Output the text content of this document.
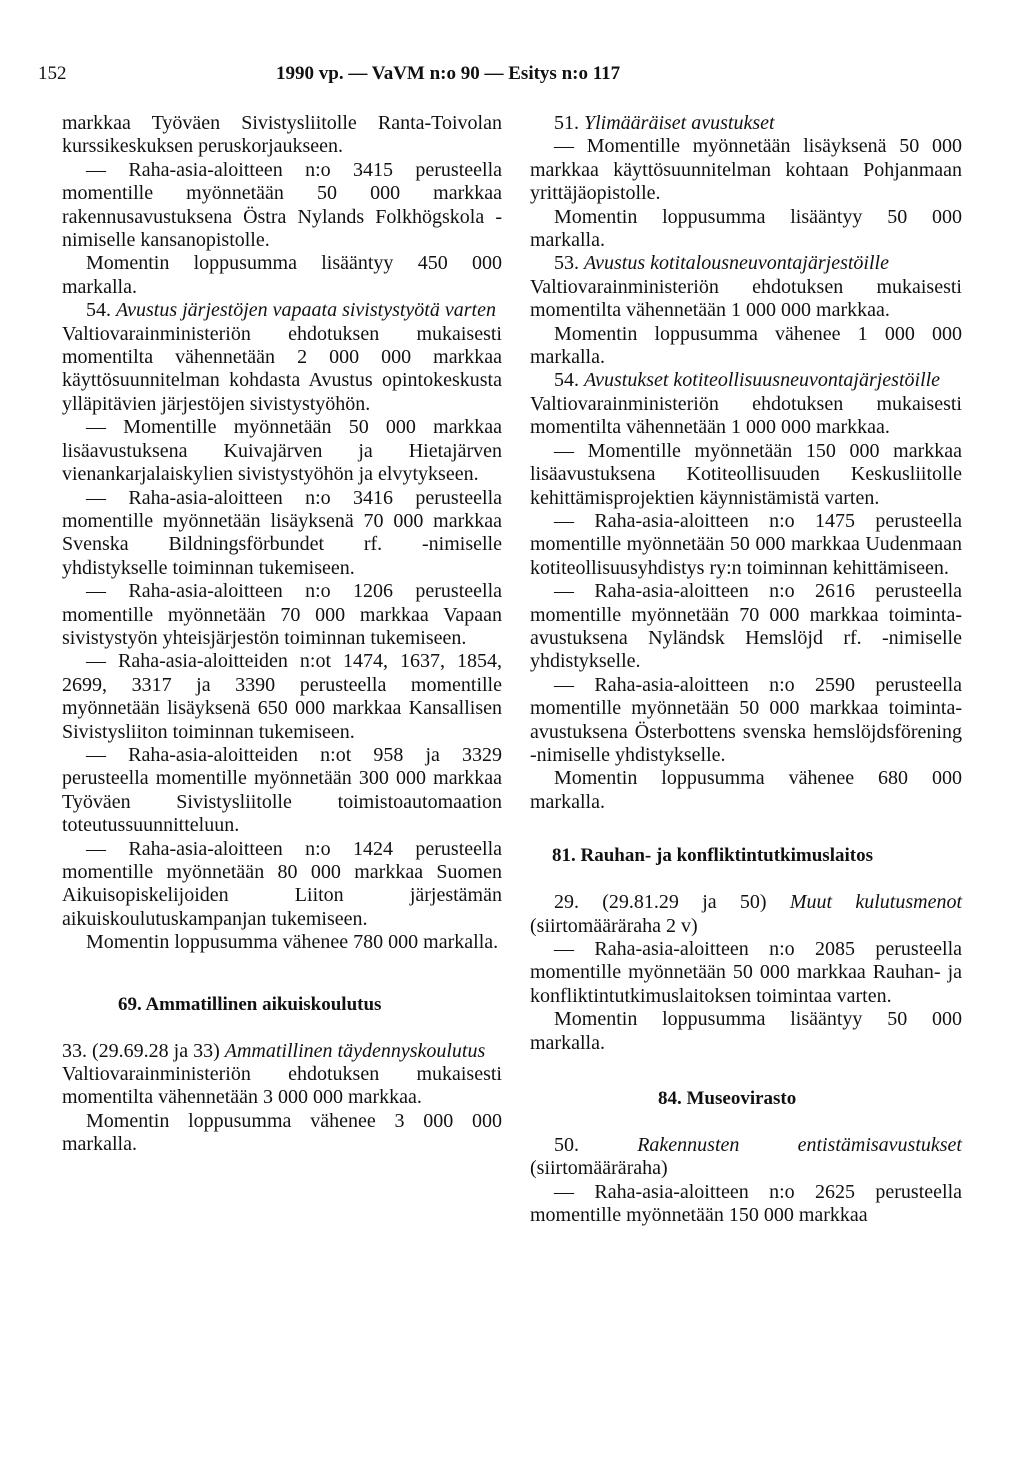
152	1990 vp. — VaVM n:o 90 — Esitys n:o 117

markkaa Työväen Sivistysliitolle Ranta-Toivolan kurssikeskuksen peruskorjaukseen.

— Raha-asia-aloitteen n:o 3415 perusteella momentille myönnetään 50 000 markkaa rakennusavustuksena Östra Nylands Folkhögskola -nimiselle kansanopistolle.

Momentin loppusumma lisääntyy 450 000 markalla.

54. Avustus järjestöjen vapaata sivistystyötä varten

Valtiovarainministeriön ehdotuksen mukaisesti momentilta vähennetään 2 000 000 markkaa käyttösuunnitelman kohdasta Avustus opintokeskusta ylläpitävien järjestöjen sivistystyöhön.

— Momentille myönnetään 50 000 markkaa lisäavustuksena Kuivajärven ja Hietajärven vienankarjalaiskylien sivistystyöhön ja elvytykseen.

— Raha-asia-aloitteen n:o 3416 perusteella momentille myönnetään lisäyksenä 70 000 markkaa Svenska Bildningsförbundet rf. -nimiselle yhdistykselle toiminnan tukemiseen.

— Raha-asia-aloitteen n:o 1206 perusteella momentille myönnetään 70 000 markkaa Vapaan sivistystyön yhteisjärjestön toiminnan tukemiseen.

— Raha-asia-aloitteiden n:ot 1474, 1637, 1854, 2699, 3317 ja 3390 perusteella momentille myönnetään lisäyksenä 650 000 markkaa Kansallisen Sivistysliiton toiminnan tukemiseen.

— Raha-asia-aloitteiden n:ot 958 ja 3329 perusteella momentille myönnetään 300 000 markkaa Työväen Sivistysliitolle toimistoautomaation toteutussuunnitteluun.

— Raha-asia-aloitteen n:o 1424 perusteella momentille myönnetään 80 000 markkaa Suomen Aikuisopiskelijoiden Liiton järjestämän aikuiskoulutuskampanjan tukemiseen.

Momentin loppusumma vähenee 780 000 markalla.

69. Ammatillinen aikuiskoulutus

33. (29.69.28 ja 33) Ammatillinen täydennyskoulutus

Valtiovarainministeriön ehdotuksen mukaisesti momentilta vähennetään 3 000 000 markkaa.

Momentin loppusumma vähenee 3 000 000 markalla.

51. Ylimääräiset avustukset

— Momentille myönnetään lisäyksenä 50 000 markkaa käyttösuunnitelman kohtaan Pohjanmaan yrittäjäopistolle.

Momentin loppusumma lisääntyy 50 000 markalla.

53. Avustus kotitalousneuvontajärjestöille

Valtiovarainministeriön ehdotuksen mukaisesti momentilta vähennetään 1 000 000 markkaa.

Momentin loppusumma vähenee 1 000 000 markalla.

54. Avustukset kotiteollisuusneuvontajärjestöille

Valtiovarainministeriön ehdotuksen mukaisesti momentilta vähennetään 1 000 000 markkaa.

— Momentille myönnetään 150 000 markkaa lisäavustuksena Kotiteollisuuden Keskusliitolle kehittämisprojektien käynnistämistä varten.

— Raha-asia-aloitteen n:o 1475 perusteella momentille myönnetään 50 000 markkaa Uudenmaan kotiteollisuusyhdistys ry:n toiminnan kehittämiseen.

— Raha-asia-aloitteen n:o 2616 perusteella momentille myönnetään 70 000 markkaa toiminta-avustuksena Nyländsk Hemslöjd rf. -nimiselle yhdistykselle.

— Raha-asia-aloitteen n:o 2590 perusteella momentille myönnetään 50 000 markkaa toiminta-avustuksena Österbottens svenska hemslöjdsförening -nimiselle yhdistykselle.

Momentin loppusumma vähenee 680 000 markalla.

81. Rauhan- ja konfliktintutkimuslaitos

29. (29.81.29 ja 50) Muut kulutusmenot (siirtomääräraha 2 v)

— Raha-asia-aloitteen n:o 2085 perusteella momentille myönnetään 50 000 markkaa Rauhan- ja konfliktintutkimuslaitoksen toimintaa varten.

Momentin loppusumma lisääntyy 50 000 markalla.

84. Museovirasto

50.	Rakennusten entistämisavustukset (siirtomääräraha)

— Raha-asia-aloitteen n:o 2625 perusteella momentille myönnetään 150 000 markkaa
